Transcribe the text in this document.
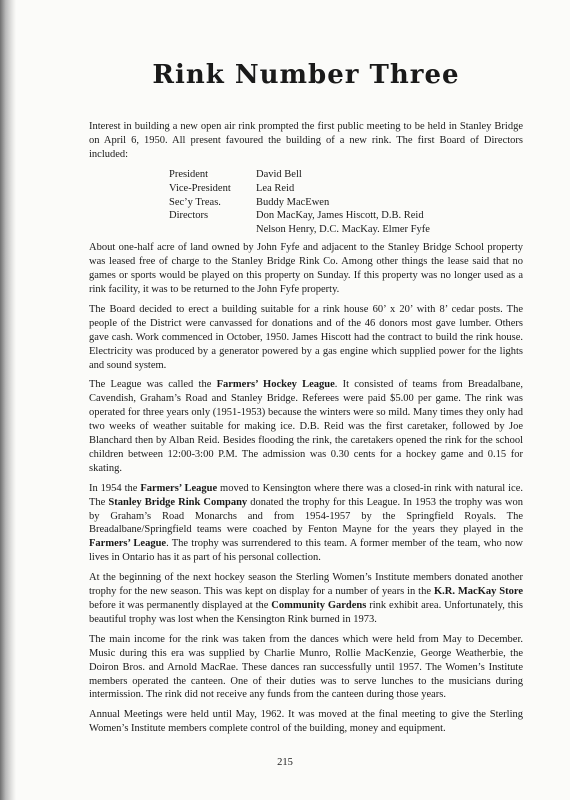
Rink Number Three

Interest in building a new open air rink prompted the first public meeting to be held in Stanley Bridge on April 6, 1950. All present favoured the building of a new rink. The first Board of Directors included:

President	David Bell
Vice-President	Lea Reid
Sec’y Treas.	Buddy MacEwen
Directors	Don MacKay, James Hiscott, D.B. Reid
Nelson Henry, D.C. MacKay. Elmer Fyfe

About one-half acre of land owned by John Fyfe and adjacent to the Stanley Bridge School property was leased free of charge to the Stanley Bridge Rink Co. Among other things the lease said that no games or sports would be played on this property on Sunday. If this property was no longer used as a rink facility, it was to be returned to the John Fyfe property.

The Board decided to erect a building suitable for a rink house 60’ x 20’ with 8’ cedar posts. The people of the District were canvassed for donations and of the 46 donors most gave lumber. Others gave cash. Work commenced in October, 1950. James Hiscott had the contract to build the rink house. Electricity was produced by a generator powered by a gas engine which supplied power for the lights and sound system.

The League was called the Farmers’ Hockey League. It consisted of teams from Breadalbane, Cavendish, Graham’s Road and Stanley Bridge. Referees were paid $5.00 per game. The rink was operated for three years only (1951-1953) because the winters were so mild. Many times they only had two weeks of weather suitable for making ice. D.B. Reid was the first caretaker, followed by Joe Blanchard then by Alban Reid. Besides flooding the rink, the caretakers opened the rink for the school children between 12:00-3:00 P.M. The admission was 0.30 cents for a hockey game and 0.15 for skating.

In 1954 the Farmers’ League moved to Kensington where there was a closed-in rink with natural ice. The Stanley Bridge Rink Company donated the trophy for this League. In 1953 the trophy was won by Graham’s Road Monarchs and from 1954-1957 by the Springfield Royals. The Breadalbane/Springfield teams were coached by Fenton Mayne for the years they played in the Farmers’ League. The trophy was surrendered to this team. A former member of the team, who now lives in Ontario has it as part of his personal collection.

At the beginning of the next hockey season the Sterling Women’s Institute members donated another trophy for the new season. This was kept on display for a number of years in the K.R. MacKay Store before it was permanently displayed at the Community Gardens rink exhibit area. Unfortunately, this beautiful trophy was lost when the Kensington Rink burned in 1973.

The main income for the rink was taken from the dances which were held from May to December. Music during this era was supplied by Charlie Munro, Rollie MacKenzie, George Weatherbie, the Doiron Bros. and Arnold MacRae. These dances ran successfully until 1957. The Women’s Institute members operated the canteen. One of their duties was to serve lunches to the musicians during intermission. The rink did not receive any funds from the canteen during those years.

Annual Meetings were held until May, 1962. It was moved at the final meeting to give the Sterling Women’s Institute members complete control of the building, money and equipment.

215
